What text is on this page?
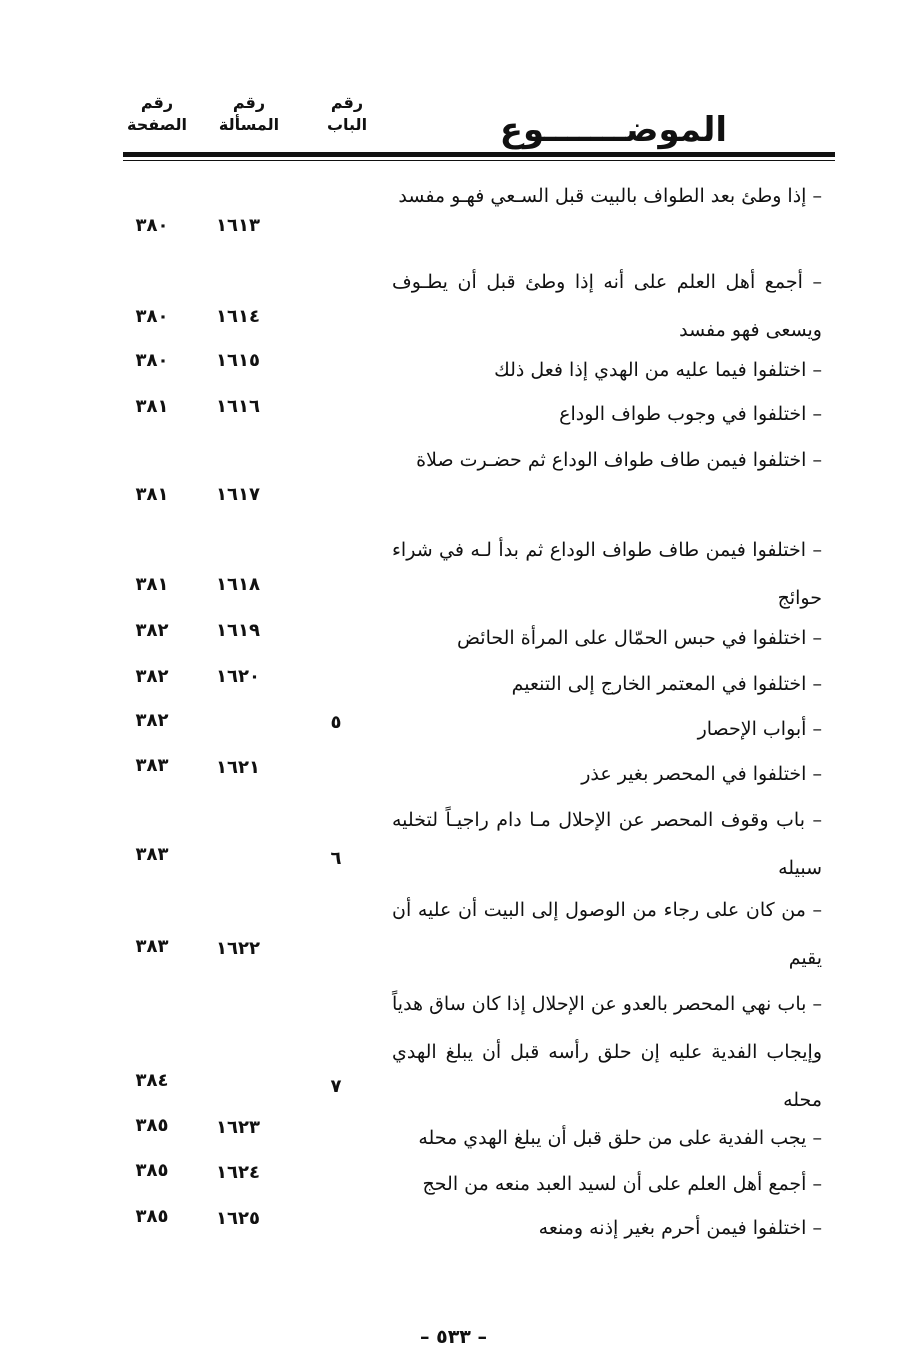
الموضـــــــوع
رقم
الباب
رقم
المسألة
رقم
الصفحة
– إذا وطئ بعد الطواف بالبيت قبل السـعي فهـو مفسد
١٦١٣
٣٨٠
– أجمع أهل العلم على أنه إذا وطئ قبل أن يطـوف ويسعى فهو مفسد
١٦١٤
٣٨٠
– اختلفوا فيما عليه من الهدي إذا فعل ذلك
١٦١٥
٣٨٠
– اختلفوا في وجوب طواف الوداع
١٦١٦
٣٨١
– اختلفوا فيمن طاف طواف الوداع ثم حضـرت صلاة
١٦١٧
٣٨١
– اختلفوا فيمن طاف طواف الوداع ثم بدأ لـه في شراء حوائج
١٦١٨
٣٨١
– اختلفوا في حبس الحمّال على المرأة الحائض
١٦١٩
٣٨٢
– اختلفوا في المعتمر الخارج إلى التنعيم
١٦٢٠
٣٨٢
– أبواب الإحصار
٥
٣٨٢
– اختلفوا في المحصر بغير عذر
١٦٢١
٣٨٣
– باب وقوف المحصر عن الإحلال مـا دام راجيـاً لتخليه سبيله
٦
٣٨٣
– من كان على رجاء من الوصول إلى البيت أن عليه أن يقيم
١٦٢٢
٣٨٣
– باب نهي المحصر بالعدو عن الإحلال إذا كان ساق هدياً وإيجاب الفدية عليه إن حلق رأسه قبل أن يبلغ الهدي محله
٧
٣٨٤
– يجب الفدية على من حلق قبل أن يبلغ الهدي محله
١٦٢٣
٣٨٥
– أجمع أهل العلم على أن لسيد العبد منعه من الحج
١٦٢٤
٣٨٥
– اختلفوا فيمن أحرم بغير إذنه ومنعه
١٦٢٥
٣٨٥
– ٥٣٣ –
